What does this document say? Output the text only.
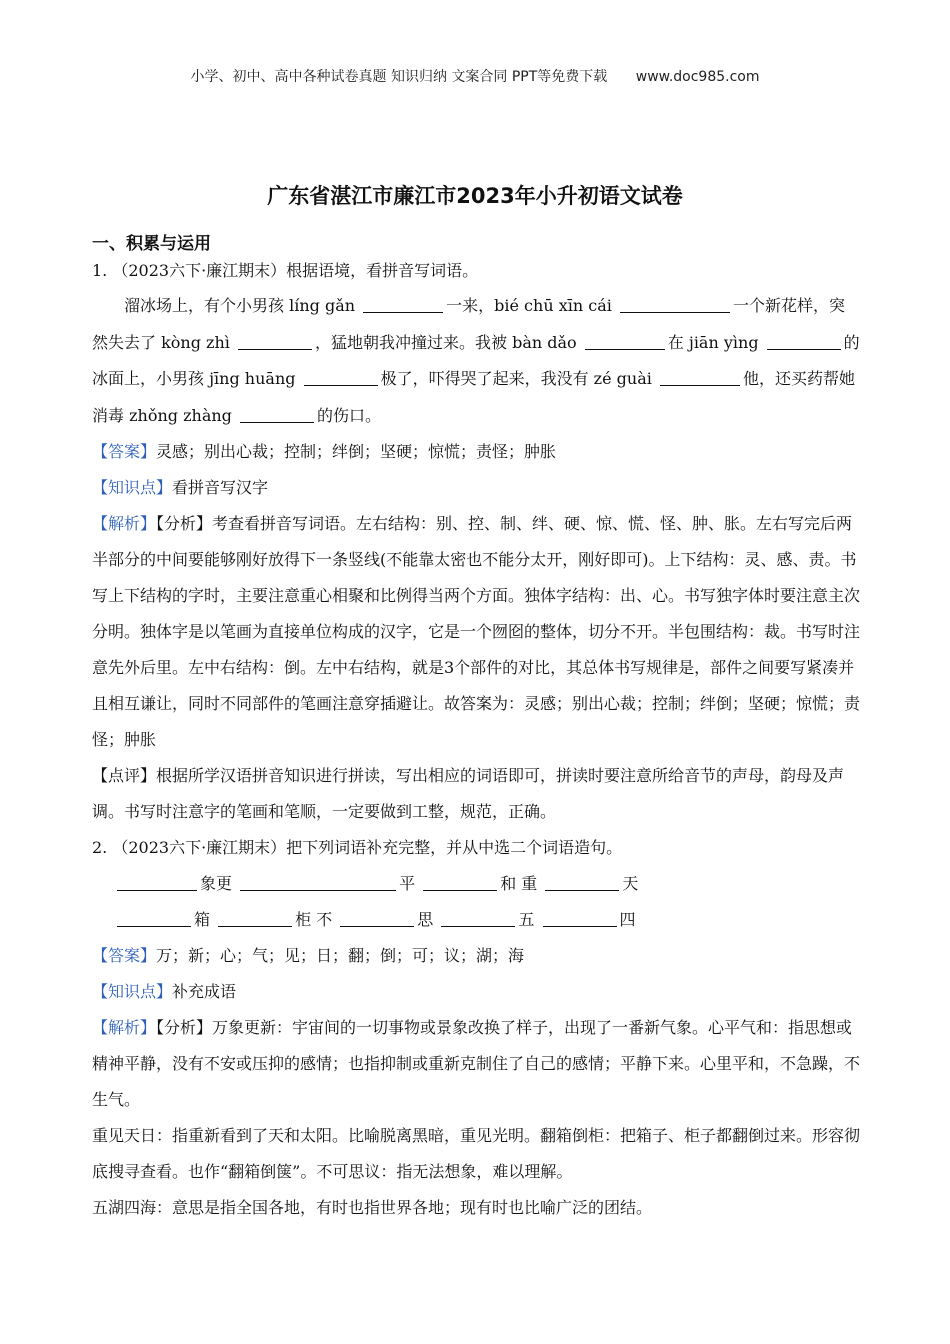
小学、初中、高中各种试卷真题 知识归纳 文案合同 PPT等免费下载 www.doc985.com
广东省湛江市廉江市2023年小升初语文试卷
一、积累与运用

1. （2023六下·廉江期末）根据语境，看拼音写词语。

溜冰场上，有个小男孩 líng gǎn	一来，bié chū xīn cái	一个新花样，突然失去了 kòng zhì	，猛地朝我冲撞过来。我被 bàn dǎo	在 jiān yìng	的冰面上，小男孩 jīng huāng	极了，吓得哭了起来，我没有 zé guài	他，还买药帮她消毒 zhǒng zhàng	的伤口。

【答案】灵感；别出心裁；控制；绊倒；坚硬；惊慌；责怪；肿胀

【知识点】看拼音写汉字

【解析】【分析】考查看拼音写词语。左右结构：别、控、制、绊、硬、惊、慌、怪、肿、胀。左右写完后两半部分的中间要能够刚好放得下一条竖线(不能靠太密也不能分太开，刚好即可)。上下结构：灵、感、责。书写上下结构的字时，主要注意重心相聚和比例得当两个方面。独体字结构：出、心。书写独字体时要注意主次分明。独体字是以笔画为直接单位构成的汉字，它是一个囫囵的整体，切分不开。半包围结构：裁。书写时注意先外后里。左中右结构：倒。左中右结构，就是3个部件的对比，其总体书写规律是，部件之间要写紧凑并且相互谦让，同时不同部件的笔画注意穿插避让。故答案为：灵感；别出心裁；控制；绊倒；坚硬；惊慌；责怪；肿胀

【点评】根据所学汉语拼音知识进行拼读，写出相应的词语即可，拼读时要注意所给音节的声母，韵母及声调。书写时注意字的笔画和笔顺，一定要做到工整，规范，正确。

2. （2023六下·廉江期末）把下列词语补充完整，并从中选二个词语造句。

象更	平	和 重	天

箱	柜 不	思	五	四

【答案】万；新；心；气；见；日；翻；倒；可；议；湖；海

【知识点】补充成语

【解析】【分析】万象更新：宇宙间的一切事物或景象改换了样子，出现了一番新气象。心平气和：指思想或精神平静，没有不安或压抑的感情；也指抑制或重新克制住了自己的感情；平静下来。心里平和，不急躁，不生气。

重见天日：指重新看到了天和太阳。比喻脱离黑暗，重见光明。翻箱倒柜：把箱子、柜子都翻倒过来。形容彻底搜寻查看。也作“翻箱倒箧”。不可思议：指无法想象，难以理解。

五湖四海：意思是指全国各地，有时也指世界各地；现有时也比喻广泛的团结。
